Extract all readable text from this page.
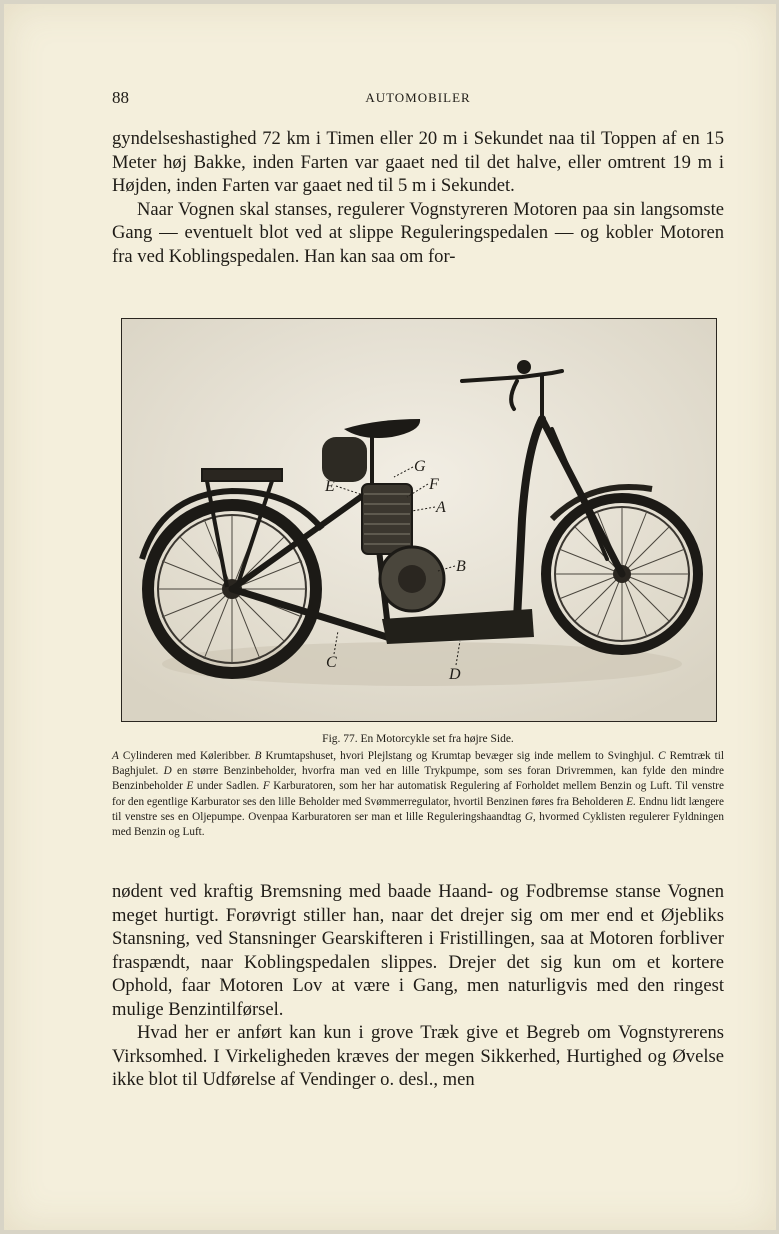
88	AUTOMOBILER

gyndelseshastighed 72 km i Timen eller 20 m i Sekundet naa til Toppen af en 15 Meter høj Bakke, inden Farten var gaaet ned til det halve, eller omtrent 19 m i Højden, inden Farten var gaaet ned til 5 m i Sekundet.

Naar Vognen skal stanses, regulerer Vognstyreren Motoren paa sin langsomste Gang — eventuelt blot ved at slippe Reguleringspedalen — og kobler Motoren fra ved Koblingspedalen. Han kan saa om for-

E
G
F
A
B
C
D
Fig. 77. En Motorcykle set fra højre Side.

A Cylinderen med Køleribber. B Krumtapshuset, hvori Plejlstang og Krumtap bevæger sig inde mellem to Svinghjul. C Remtræk til Baghjulet. D en større Benzinbeholder, hvorfra man ved en lille Trykpumpe, som ses foran Drivremmen, kan fylde den mindre Benzinbeholder E under Sadlen. F Karburatoren, som her har automatisk Regulering af Forholdet mellem Benzin og Luft. Til venstre for den egentlige Karburator ses den lille Beholder med Svømmerregulator, hvortil Benzinen føres fra Beholderen E. Endnu lidt længere til venstre ses en Oljepumpe. Ovenpaa Karburatoren ser man et lille Reguleringshaandtag G, hvormed Cyklisten regulerer Fyldningen med Benzin og Luft.

nødent ved kraftig Bremsning med baade Haand- og Fodbremse stanse Vognen meget hurtigt. Forøvrigt stiller han, naar det drejer sig om mer end et Øjebliks Stansning, ved Stansninger Gearskifteren i Fristillingen, saa at Motoren forbliver fraspændt, naar Koblingspedalen slippes. Drejer det sig kun om et kortere Ophold, faar Motoren Lov at være i Gang, men naturligvis med den ringest mulige Benzintilførsel.

Hvad her er anført kan kun i grove Træk give et Begreb om Vognstyrerens Virksomhed. I Virkeligheden kræves der megen Sikkerhed, Hurtighed og Øvelse ikke blot til Udførelse af Vendinger o. desl., men
